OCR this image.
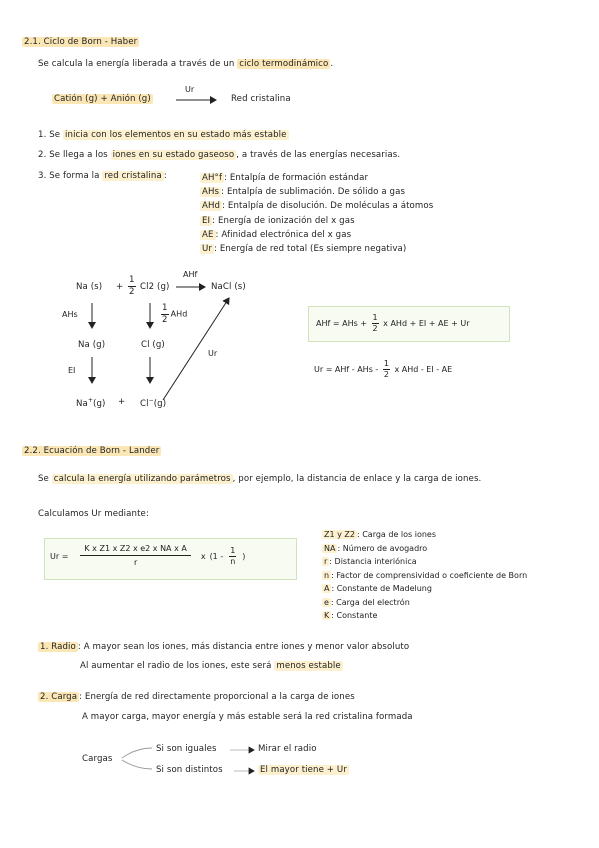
2.1. Ciclo de Born - Haber
Se calcula la energía liberada a través de un ciclo termodinámico .
Catión (g) + Anión (g)
Ur
Red cristalina
1. Se inicia con los elementos en su estado más estable
2. Se llega a los iones en su estado gaseoso , a través de las energías necesarias.
3. Se forma la red cristalina :	AH°f : Entalpía de formación estándar
AHs : Entalpía de sublimación. De sólido a gas
AHd : Entalpía de disolución. De moléculas a átomos
EI : Energía de ionización del x gas
AE : Afinidad electrónica del x gas
Ur : Energía de red total (Es siempre negativa)
Na $(s) + \frac{1}{2} Cl2$ (g)
AHf
NaCl (s)
AHs	$\frac{1}{2}$ AHd
Na (g)	Cl (g)
Ur
EI
Na+(g) + Cl−(g)
AHf = AHs + $\frac{1}{2}$ x AHd + EI + AE + Ur
Ur = AHf - AHs - $\frac{1}{2}$ x AHd - EI - AE
2.2. Ecuación de Born - Lander
Se calcula la energía utilizando parámetros , por ejemplo, la distancia de enlace y la carga de iones.
Calculamos Ur mediante:
$Ur = \frac{\text{K x Z1 x Z2 x e2 x NA x A}}{r}$ x ($1 - \frac{1}{n}$ )
Z1 y Z2 : Carga de los iones
NA : Número de avogadro
r : Distancia interiónica
n : Factor de comprensividad o coeficiente de Born
A : Constante de Madelung
e : Carga del electrón
K : Constante
1. Radio : A mayor sean los iones, más distancia entre iones y menor valor absoluto
Al aumentar el radio de los iones, este será menos estable
2. Carga : Energía de red directamente proporcional a la carga de iones
A mayor carga, mayor energía y más estable será la red cristalina formada
Cargas
Si son iguales	Mirar el radio
Si son distintos	El mayor tiene + Ur
